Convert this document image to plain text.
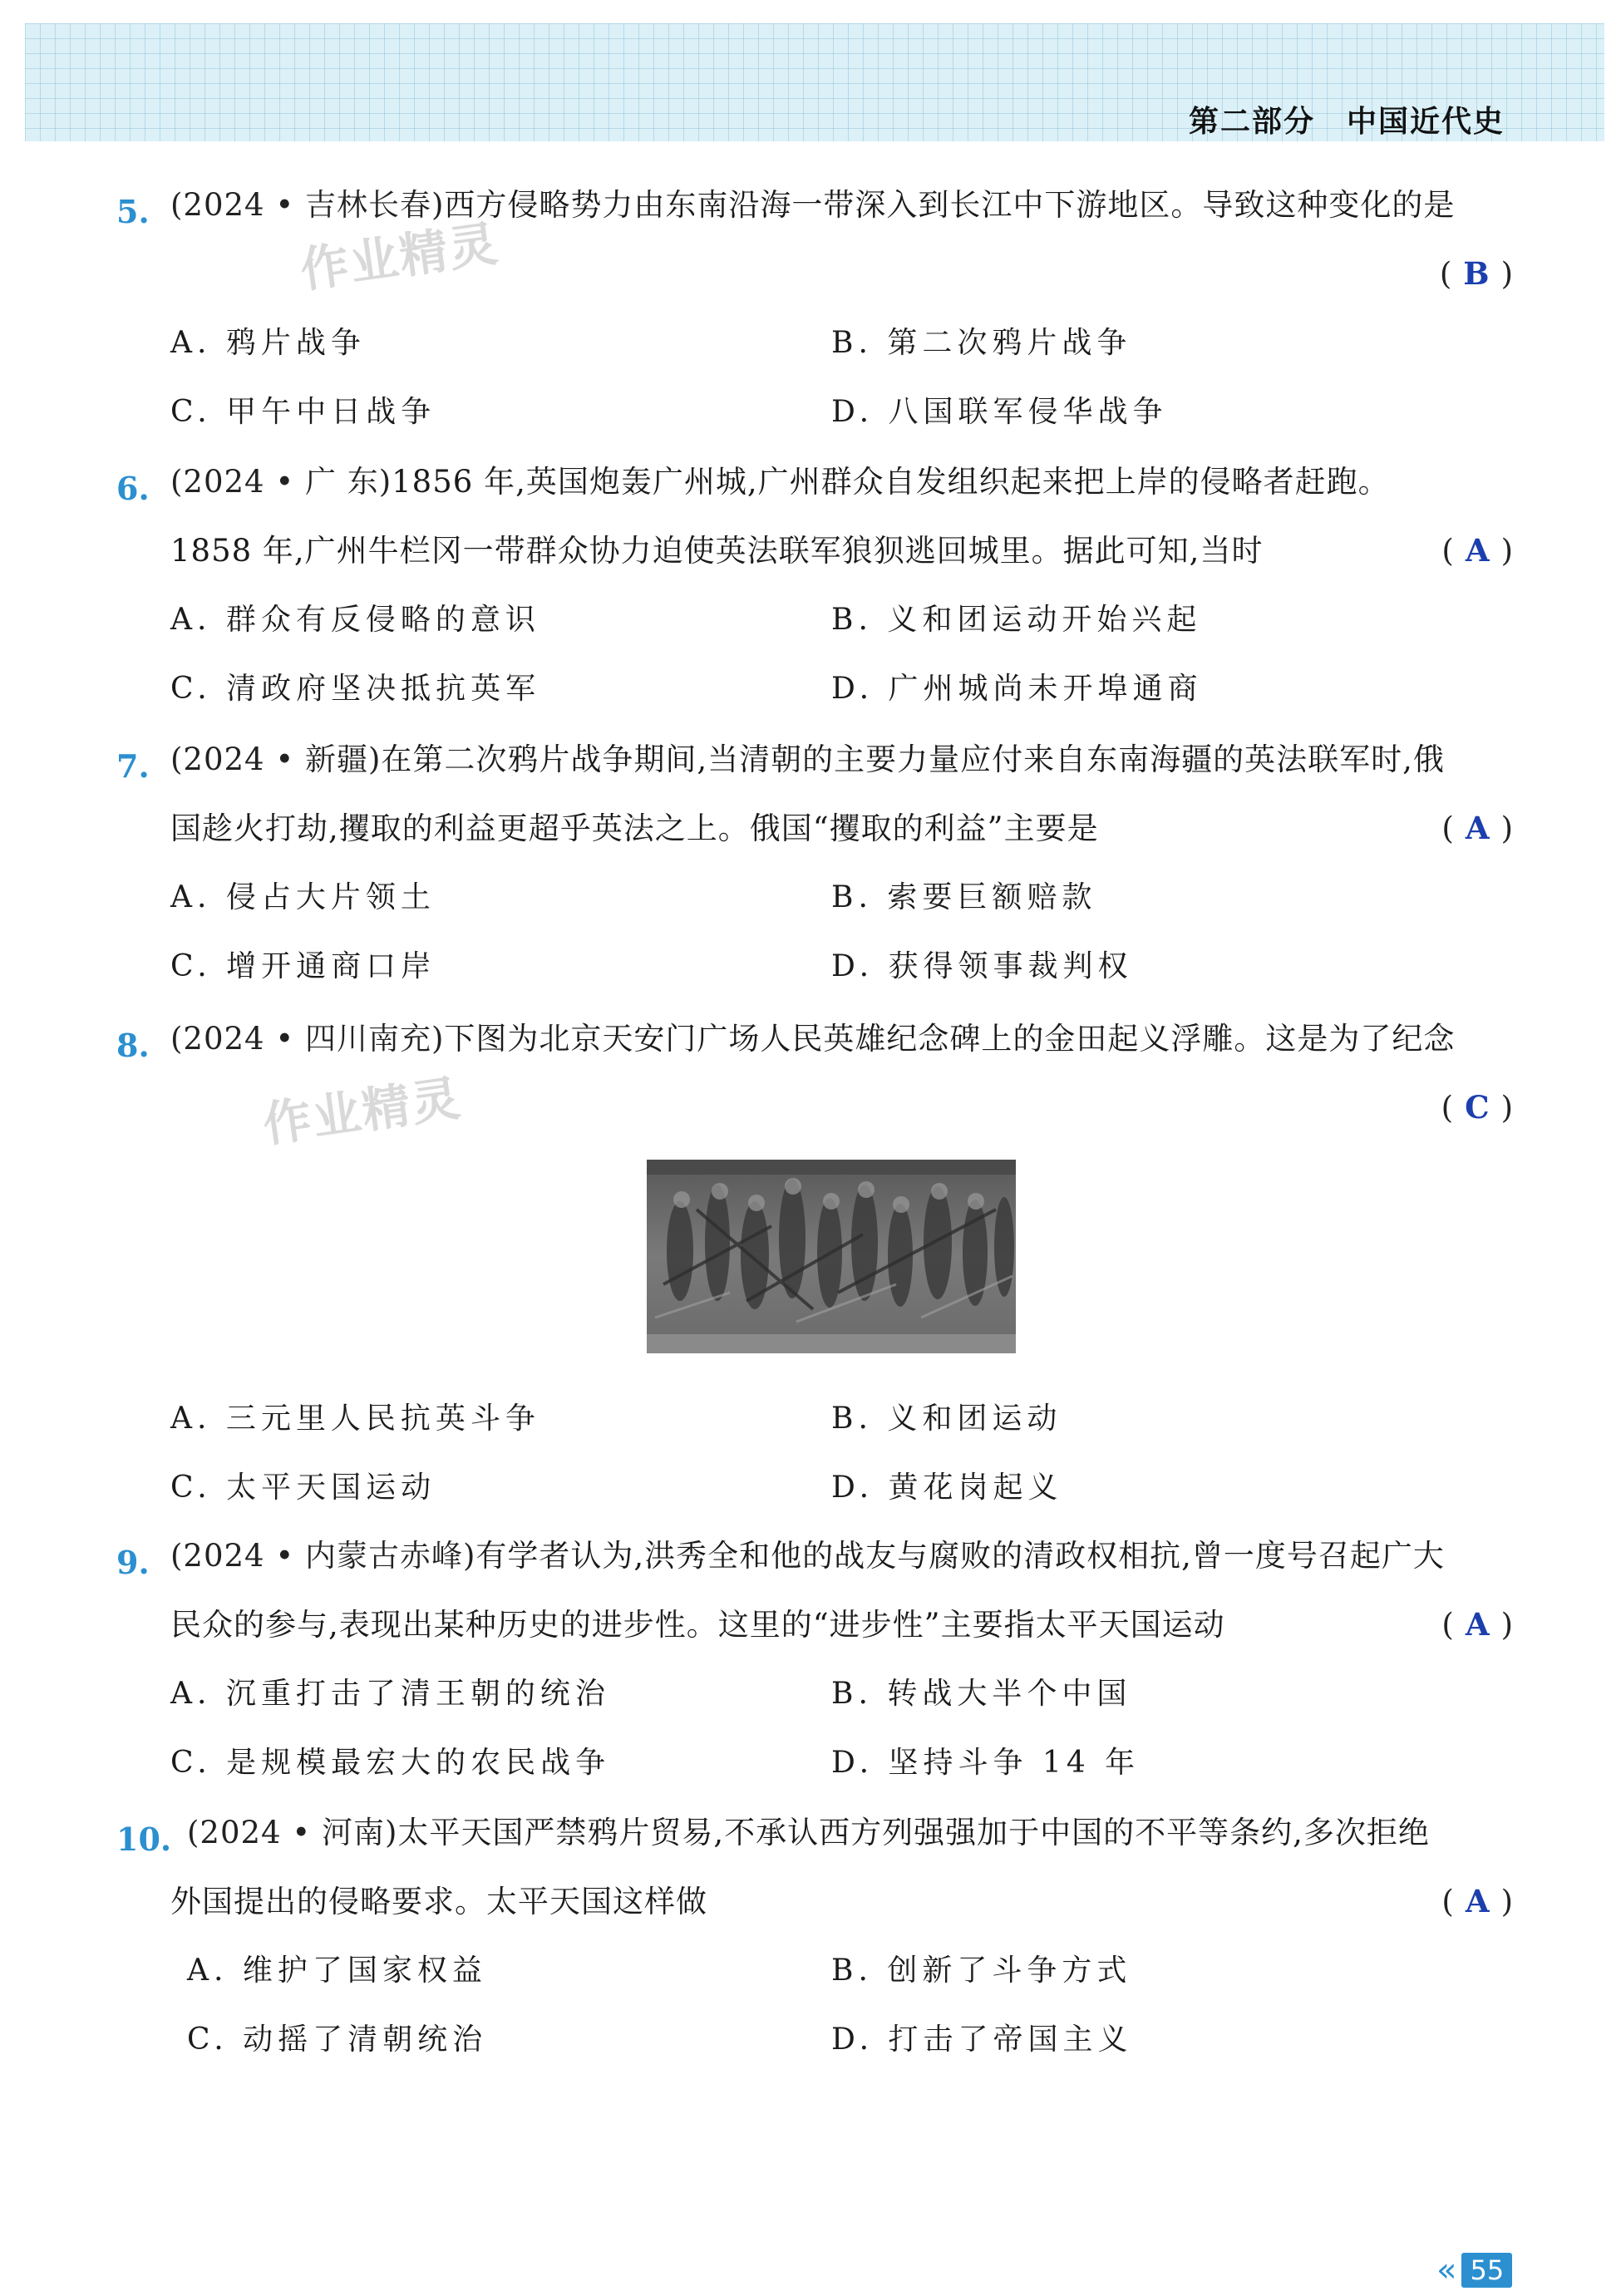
第二部分　中国近代史
作业精灵
作业精灵
5. (2024 • 吉林长春)西方侵略势力由东南沿海一带深入到长江中下游地区。导致这种变化的是
( B )
A. 鸦片战争	B. 第二次鸦片战争
C. 甲午中日战争	D. 八国联军侵华战争
6. (2024 • 广 东)1856 年,英国炮轰广州城,广州群众自发组织起来把上岸的侵略者赶跑。
1858 年,广州牛栏冈一带群众协力迫使英法联军狼狈逃回城里。据此可知,当时	( A )
A. 群众有反侵略的意识	B. 义和团运动开始兴起
C. 清政府坚决抵抗英军	D. 广州城尚未开埠通商
7. (2024 • 新疆)在第二次鸦片战争期间,当清朝的主要力量应付来自东南海疆的英法联军时,俄
国趁火打劫,攫取的利益更超乎英法之上。俄国“攫取的利益”主要是	( A )
A. 侵占大片领土	B. 索要巨额赔款
C. 增开通商口岸	D. 获得领事裁判权
8. (2024 • 四川南充)下图为北京天安门广场人民英雄纪念碑上的金田起义浮雕。这是为了纪念
( C )
A. 三元里人民抗英斗争	B. 义和团运动
C. 太平天国运动	D. 黄花岗起义
9. (2024 • 内蒙古赤峰)有学者认为,洪秀全和他的战友与腐败的清政权相抗,曾一度号召起广大
民众的参与,表现出某种历史的进步性。这里的“进步性”主要指太平天国运动	( A )
A. 沉重打击了清王朝的统治	B. 转战大半个中国
C. 是规模最宏大的农民战争	D. 坚持斗争 14 年
10. (2024 • 河南)太平天国严禁鸦片贸易,不承认西方列强强加于中国的不平等条约,多次拒绝
外国提出的侵略要求。太平天国这样做	( A )
A. 维护了国家权益	B. 创新了斗争方式
C. 动摇了清朝统治	D. 打击了帝国主义
« 55
